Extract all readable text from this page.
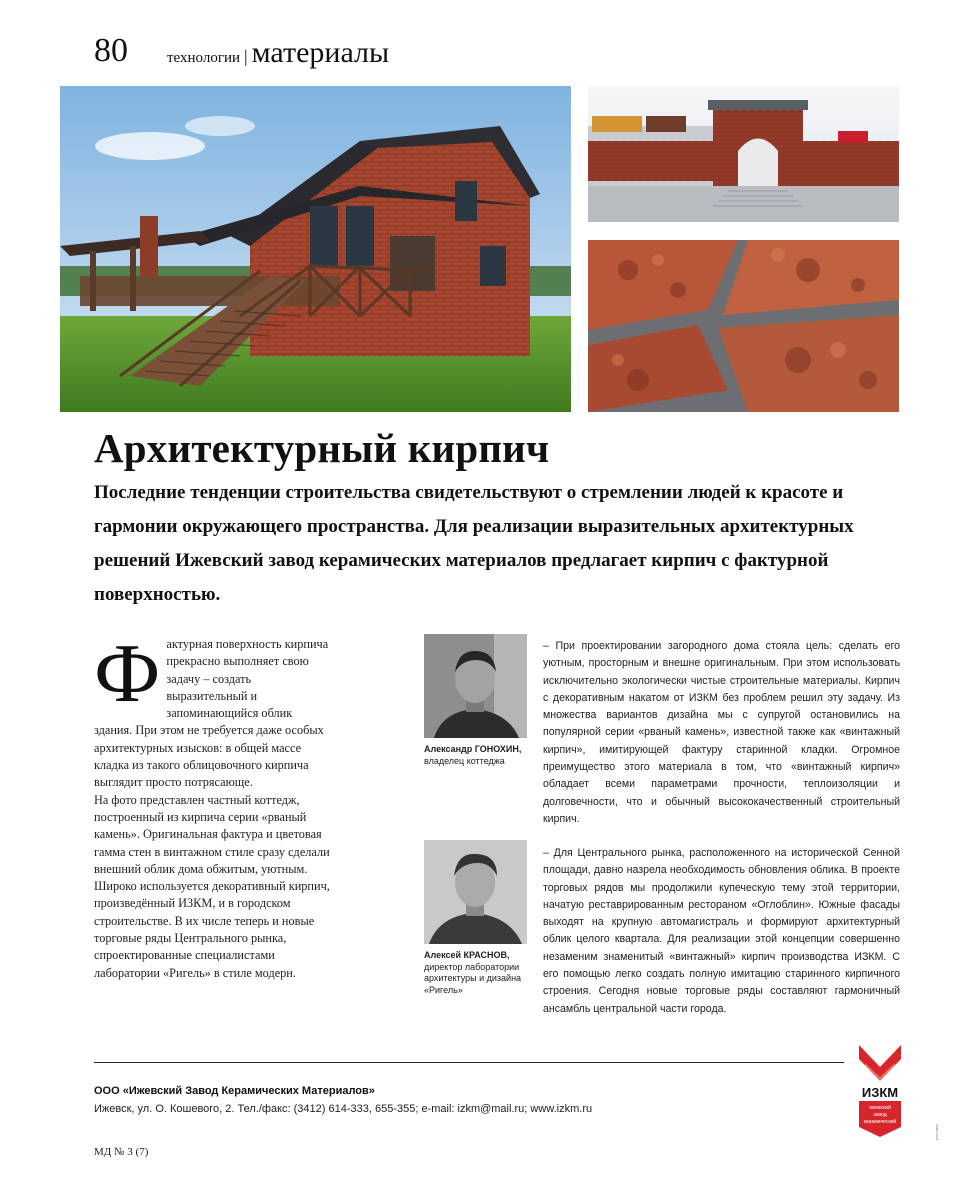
80	технологии | материалы
Архитектурный кирпич

Последние тенденции строительства свидетельствуют о стремлении людей к красоте и гармонии окружающего пространства. Для реализации выразительных архитектурных решений Ижевский завод керамических материалов предлагает кирпич с фактурной поверхностью.

Ф актурная поверхность кирпича прекрасно выполняет свою задачу – создать выразительный и запоминающийся облик здания. При этом не требуется даже особых архитектурных изысков: в общей массе кладка из такого облицовочного кирпича выглядит просто потрясающе.

На фото представлен частный коттедж, построенный из кирпича серии «рваный камень». Оригинальная фактура и цветовая гамма стен в винтажном стиле сразу сделали внешний облик дома обжитым, уютным. Широко используется декоративный кирпич, произведённый ИЗКМ, и в городском строительстве. В их числе теперь и новые торговые ряды Центрального рынка, спроектированные специалистами лаборатории «Ригель» в стиле модерн.

Александр ГОНОХИН,
владелец коттеджа

– При проектировании загородного дома стояла цель: сделать его уютным, просторным и внешне оригинальным. При этом использовать исключительно экологически чистые строительные материалы. Кирпич с декоративным накатом от ИЗКМ без проблем решил эту задачу. Из множества вариантов дизайна мы с супругой остановились на популярной серии «рваный камень», известной также как «винтажный кирпич», имитирующей фактуру старинной кладки. Огромное преимущество этого материала в том, что «винтажный кирпич» обладает всеми параметрами прочности, теплоизоляции и долговечности, что и обычный высококачественный строительный кирпич.

Алексей КРАСНОВ,
директор лаборатории архитектуры и дизайна «Ригель»

– Для Центрального рынка, расположенного на исторической Сенной площади, давно назрела необходимость обновления облика. В проекте торговых рядов мы продолжили купеческую тему этой территории, начатую реставрированным рестораном «Оглоблин». Южные фасады выходят на крупную автомагистраль и формируют архитектурный облик целого квартала. Для реализации этой концепции совершенно незаменим знаменитый «винтажный» кирпич производства ИЗКМ. С его помощью легко создать полную имитацию старинного кирпичного строения. Сегодня новые торговые ряды составляют гармоничный ансамбль центральной части города.

ООО «Ижевский Завод Керамических Материалов»
Ижевск, ул. О. Кошевого, 2. Тел./факс: (3412) 614-333, 655-355; e-mail: izkm@mail.ru; www.izkm.ru
ИЗКМ
ижевский
завод
керамический
МД № 3 (7)
реклама
